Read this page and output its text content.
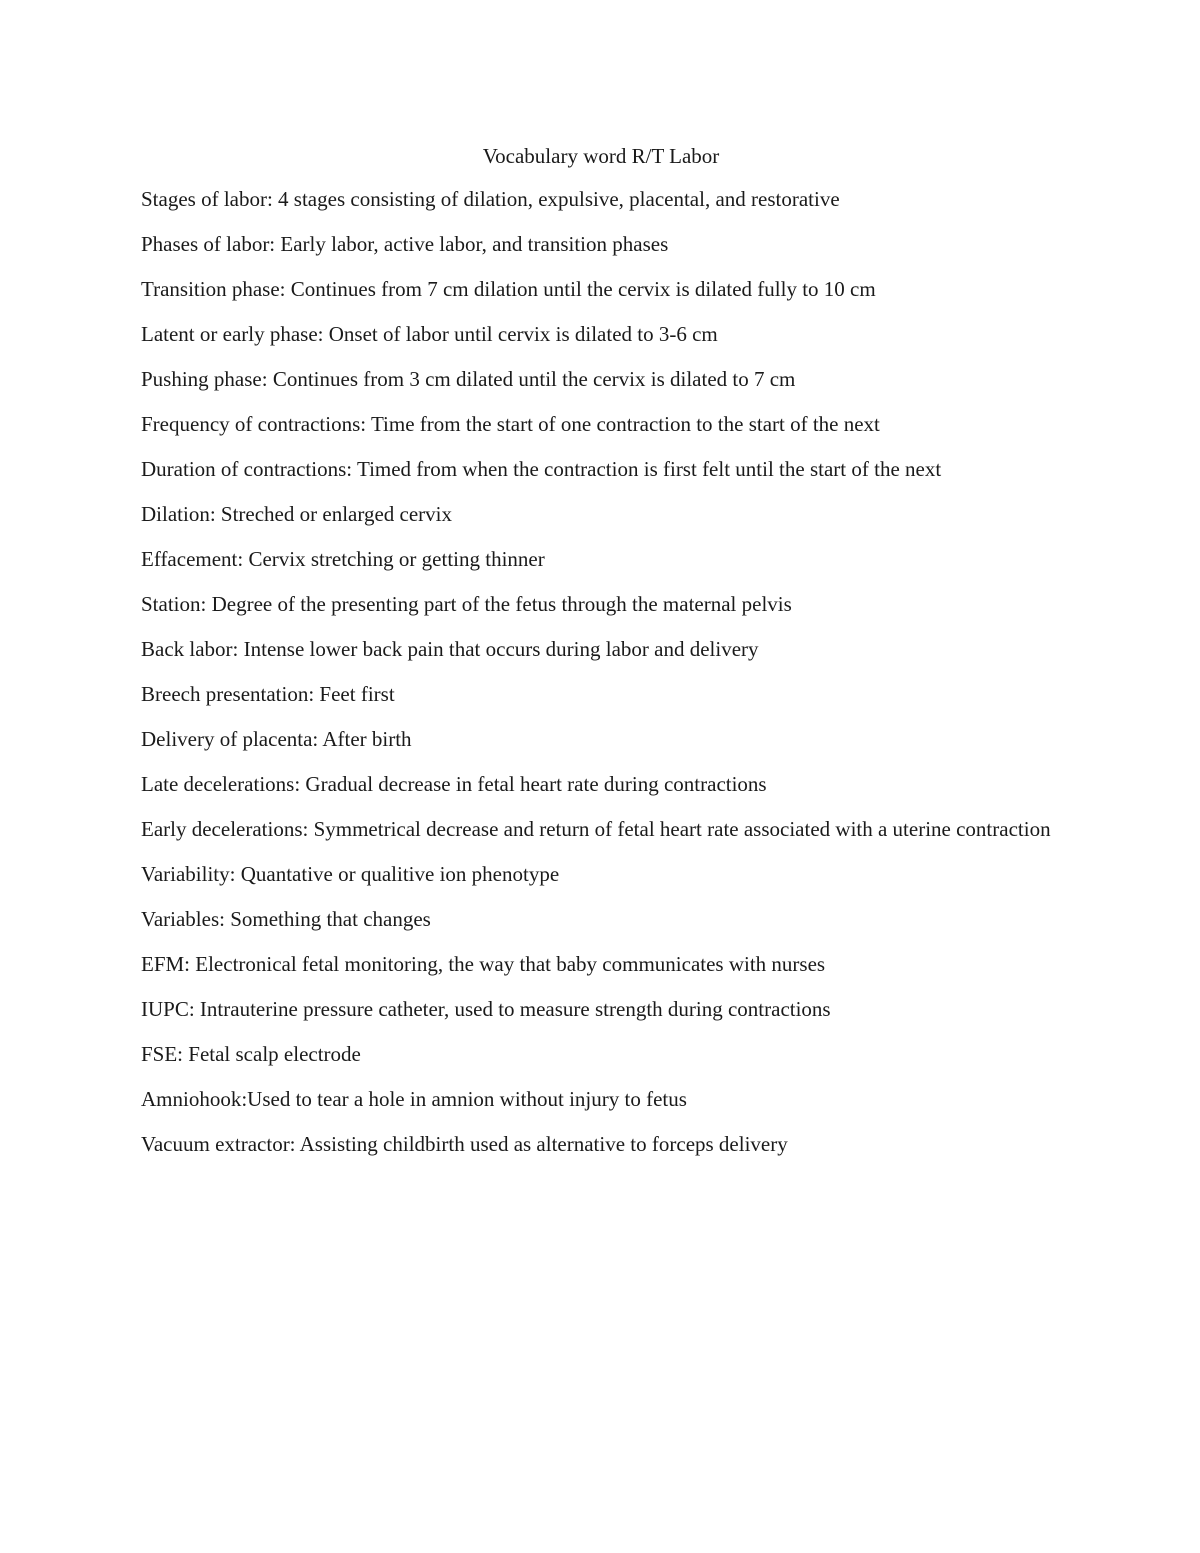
Vocabulary word R/T Labor
Stages of labor: 4 stages consisting of dilation, expulsive, placental, and restorative
Phases of labor: Early labor, active labor, and transition phases
Transition phase: Continues from 7 cm dilation until the cervix is dilated fully to 10 cm
Latent or early phase: Onset of labor until cervix is dilated to 3-6 cm
Pushing phase: Continues from 3 cm dilated until the cervix is dilated to 7 cm
Frequency of contractions: Time from the start of one contraction to the start of the next
Duration of contractions: Timed from when the contraction is first felt until the start of the next
Dilation: Streched or enlarged cervix
Effacement: Cervix stretching or getting thinner
Station: Degree of the presenting part of the fetus through the maternal pelvis
Back labor: Intense lower back pain that occurs during labor and delivery
Breech presentation: Feet first
Delivery of placenta: After birth
Late decelerations: Gradual decrease in fetal heart rate during contractions
Early decelerations: Symmetrical decrease and return of fetal heart rate associated with a uterine contraction
Variability: Quantative or qualitive ion phenotype
Variables: Something that changes
EFM: Electronical fetal monitoring, the way that baby communicates with nurses
IUPC: Intrauterine pressure catheter, used to measure strength during contractions
FSE: Fetal scalp electrode
Amniohook:Used to tear a hole in amnion without injury to fetus
Vacuum extractor: Assisting childbirth used as alternative to forceps delivery
